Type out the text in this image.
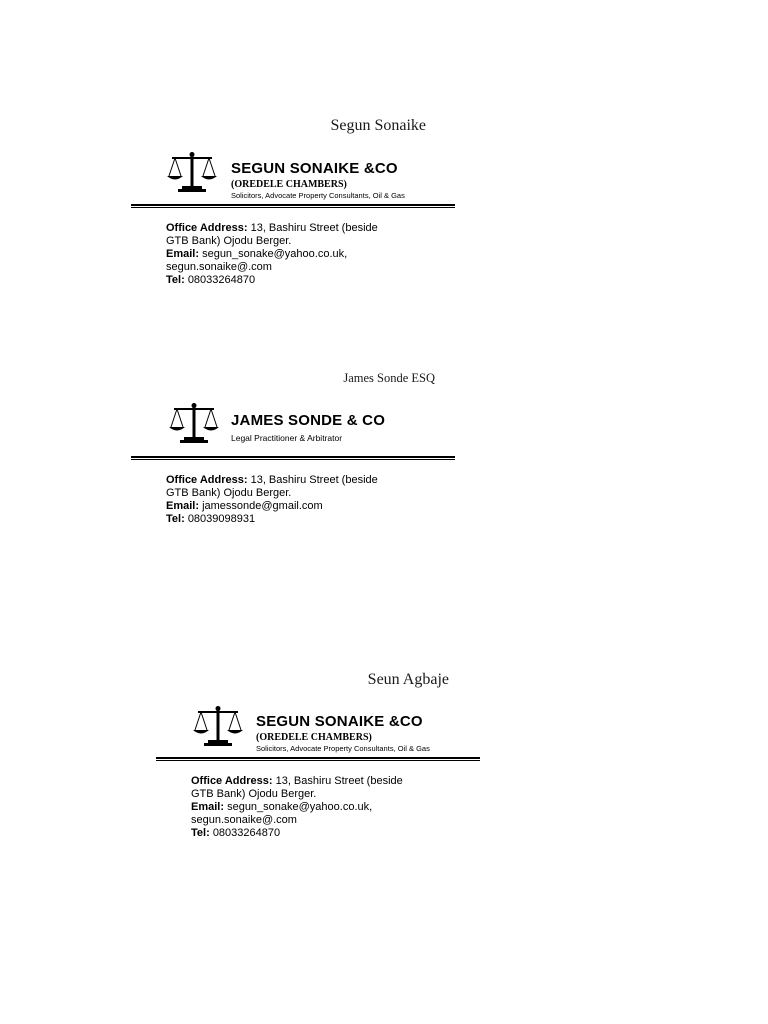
Segun Sonaike
SEGUN SONAIKE &CO
(OREDELE CHAMBERS)
Solicitors, Advocate Property Consultants, Oil & Gas
Office Address: 13, Bashiru Street (beside
GTB Bank) Ojodu Berger.
Email: segun_sonake@yahoo.co.uk,
segun.sonaike@.com
Tel: 08033264870
James Sonde ESQ
JAMES SONDE & CO
Legal Practitioner & Arbitrator
Office Address: 13, Bashiru Street (beside
GTB Bank) Ojodu Berger.
Email: jamessonde@gmail.com
Tel: 08039098931
Seun Agbaje
SEGUN SONAIKE &CO
(OREDELE CHAMBERS)
Solicitors, Advocate Property Consultants, Oil & Gas
Office Address: 13, Bashiru Street (beside
GTB Bank) Ojodu Berger.
Email: segun_sonake@yahoo.co.uk,
segun.sonaike@.com
Tel: 08033264870
